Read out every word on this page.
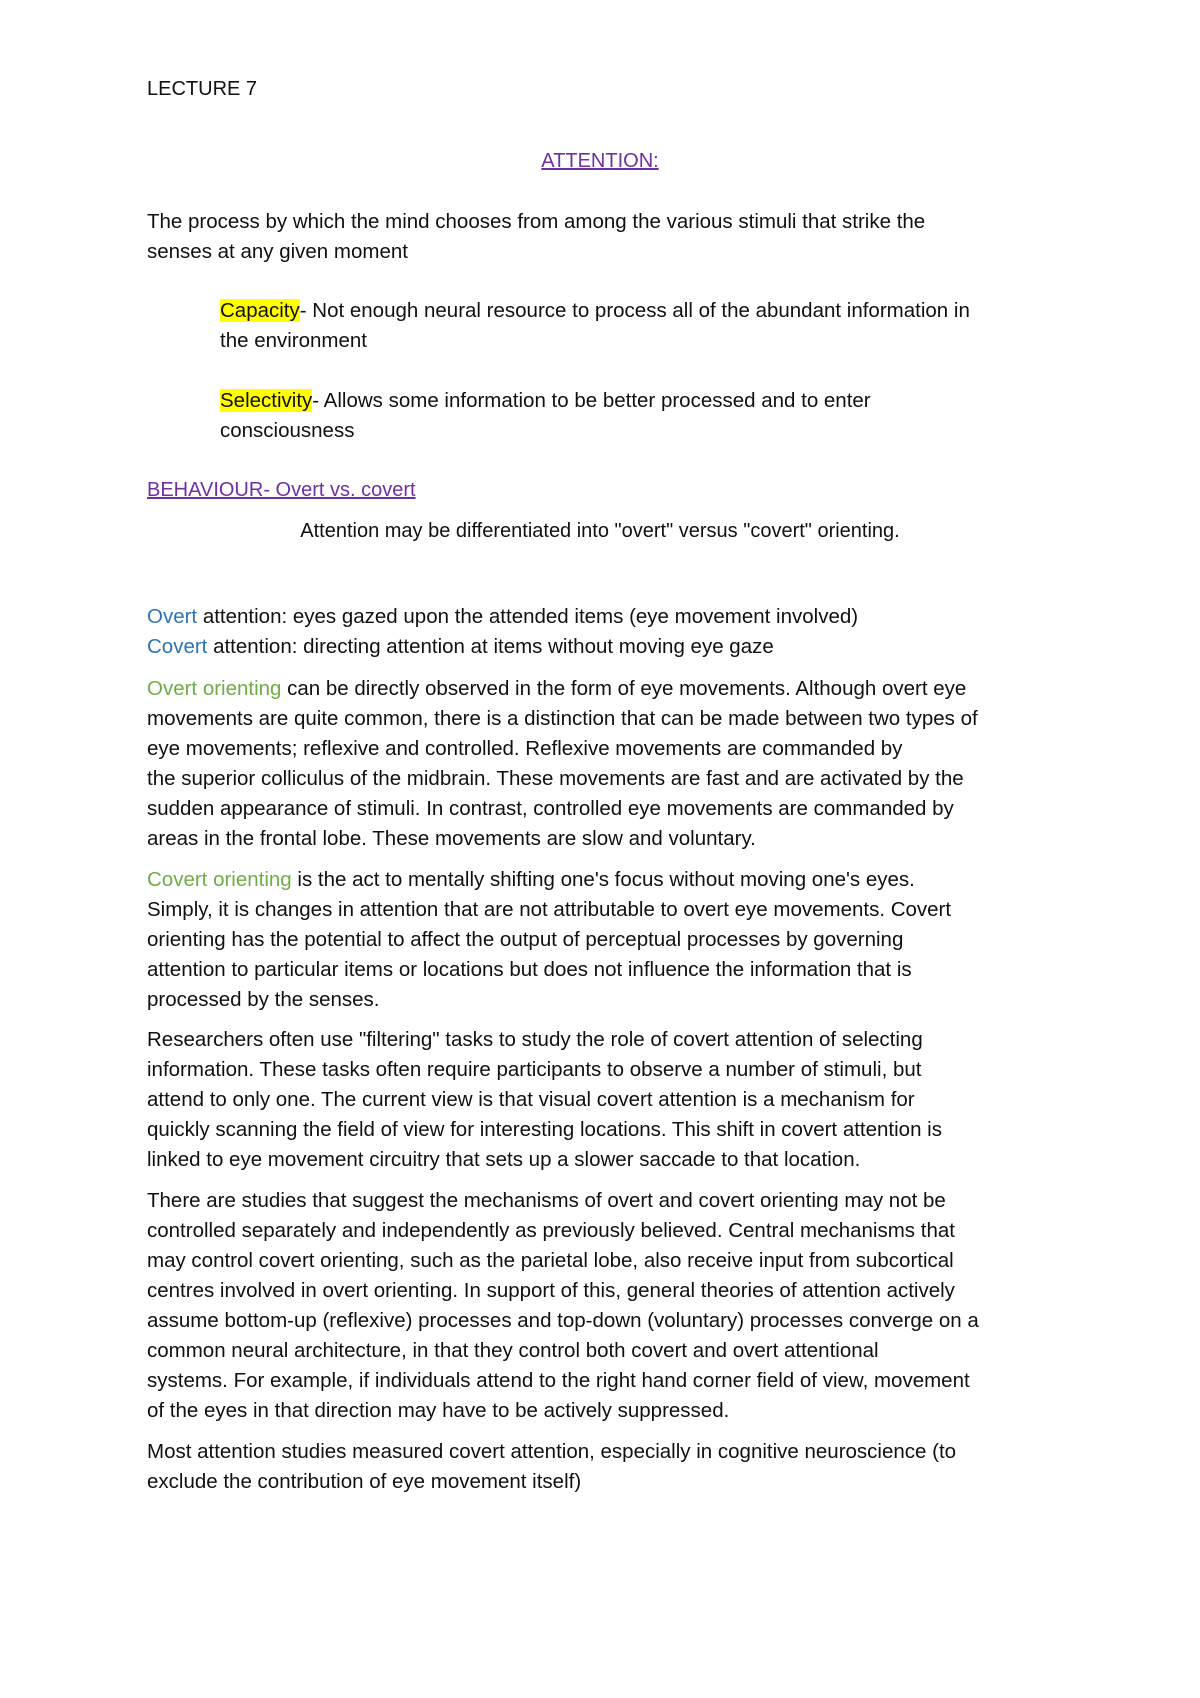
LECTURE 7
ATTENTION:
The process by which the mind chooses from among the various stimuli that strike the
senses at any given moment
Capacity- Not enough neural resource to process all of the abundant information in
the environment
Selectivity- Allows some information to be better processed and to enter
consciousness
BEHAVIOUR- Overt vs. covert
Attention may be differentiated into "overt" versus "covert" orienting.
Overt attention: eyes gazed upon the attended items (eye movement involved)
Covert attention: directing attention at items without moving eye gaze
Overt orienting can be directly observed in the form of eye movements. Although overt eye
movements are quite common, there is a distinction that can be made between two types of
eye movements; reflexive and controlled. Reflexive movements are commanded by
the superior colliculus of the midbrain. These movements are fast and are activated by the
sudden appearance of stimuli. In contrast, controlled eye movements are commanded by
areas in the frontal lobe. These movements are slow and voluntary.
Covert orienting is the act to mentally shifting one's focus without moving one's eyes.
Simply, it is changes in attention that are not attributable to overt eye movements. Covert
orienting has the potential to affect the output of perceptual processes by governing
attention to particular items or locations but does not influence the information that is
processed by the senses.
Researchers often use "filtering" tasks to study the role of covert attention of selecting
information. These tasks often require participants to observe a number of stimuli, but
attend to only one. The current view is that visual covert attention is a mechanism for
quickly scanning the field of view for interesting locations. This shift in covert attention is
linked to eye movement circuitry that sets up a slower saccade to that location.
There are studies that suggest the mechanisms of overt and covert orienting may not be
controlled separately and independently as previously believed. Central mechanisms that
may control covert orienting, such as the parietal lobe, also receive input from subcortical
centres involved in overt orienting. In support of this, general theories of attention actively
assume bottom-up (reflexive) processes and top-down (voluntary) processes converge on a
common neural architecture, in that they control both covert and overt attentional
systems. For example, if individuals attend to the right hand corner field of view, movement
of the eyes in that direction may have to be actively suppressed.
Most attention studies measured covert attention, especially in cognitive neuroscience (to
exclude the contribution of eye movement itself)
